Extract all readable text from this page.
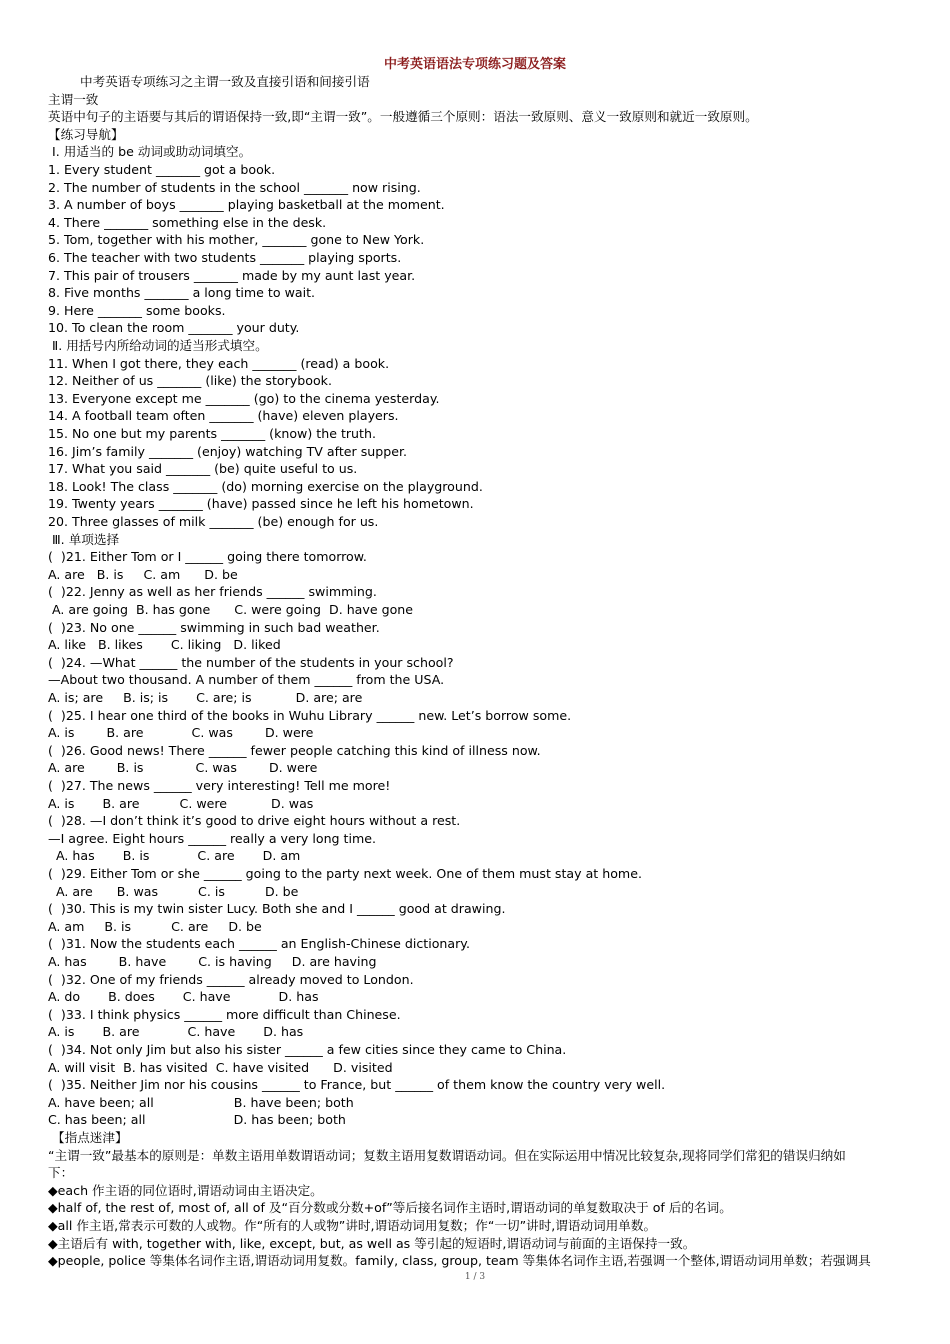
中考英语语法专项练习题及答案
中考英语专项练习之主谓一致及直接引语和间接引语
主谓一致
英语中句子的主语要与其后的谓语保持一致,即“主谓一致”。一般遵循三个原则：语法一致原则、意义一致原则和就近一致原则。
【练习导航】
Ⅰ. 用适当的 be 动词或助动词填空。
1. Every student _______ got a book.
2. The number of students in the school _______ now rising.
3. A number of boys _______ playing basketball at the moment.
4. There _______ something else in the desk.
5. Tom, together with his mother, _______ gone to New York.
6. The teacher with two students _______ playing sports.
7. This pair of trousers _______ made by my aunt last year.
8. Five months _______ a long time to wait.
9. Here _______ some books.
10. To clean the room _______ your duty.
Ⅱ. 用括号内所给动词的适当形式填空。
11. When I got there, they each _______ (read) a book.
12. Neither of us _______ (like) the storybook.
13. Everyone except me _______ (go) to the cinema yesterday.
14. A football team often _______ (have) eleven players.
15. No one but my parents _______ (know) the truth.
16. Jim’s family _______ (enjoy) watching TV after supper.
17. What you said _______ (be) quite useful to us.
18. Look! The class _______ (do) morning exercise on the playground.
19. Twenty years _______ (have) passed since he left his hometown.
20. Three glasses of milk _______ (be) enough for us.
Ⅲ. 单项选择
(  )21. Either Tom or I ______ going there tomorrow.
A. are   B. is     C. am      D. be
(  )22. Jenny as well as her friends ______ swimming.
A. are going  B. has gone      C. were going  D. have gone
(  )23. No one ______ swimming in such bad weather.
A. like   B. likes       C. liking   D. liked
(  )24. —What ______ the number of the students in your school?
—About two thousand. A number of them ______ from the USA.
A. is; are     B. is; is       C. are; is           D. are; are
(  )25. I hear one third of the books in Wuhu Library ______ new. Let’s borrow some.
A. is        B. are            C. was        D. were
(  )26. Good news! There ______ fewer people catching this kind of illness now.
A. are        B. is             C. was        D. were
(  )27. The news ______ very interesting! Tell me more!
A. is       B. are          C. were           D. was
(  )28. —I don’t think it’s good to drive eight hours without a rest.
—I agree. Eight hours ______ really a very long time.
A. has       B. is            C. are       D. am
(  )29. Either Tom or she ______ going to the party next week. One of them must stay at home.
A. are      B. was          C. is          D. be
(  )30. This is my twin sister Lucy. Both she and I ______ good at drawing.
A. am     B. is          C. are     D. be
(  )31. Now the students each ______ an English-Chinese dictionary.
A. has        B. have        C. is having     D. are having
(  )32. One of my friends ______ already moved to London.
A. do       B. does       C. have            D. has
(  )33. I think physics ______ more difficult than Chinese.
A. is       B. are            C. have       D. has
(  )34. Not only Jim but also his sister ______ a few cities since they came to China.
A. will visit  B. has visited  C. have visited      D. visited
(  )35. Neither Jim nor his cousins ______ to France, but ______ of them know the country very well.
A. have been; all                    B. have been; both
C. has been; all                      D. has been; both
【指点迷津】
“主谓一致”最基本的原则是：单数主语用单数谓语动词；复数主语用复数谓语动词。但在实际运用中情况比较复杂,现将同学们常犯的错误归纳如
下：
◆each 作主语的同位语时,谓语动词由主语决定。
◆half of, the rest of, most of, all of 及“百分数或分数+of”等后接名词作主语时,谓语动词的单复数取决于 of 后的名词。
◆all 作主语,常表示可数的人或物。作“所有的人或物”讲时,谓语动词用复数；作“一切”讲时,谓语动词用单数。
◆主语后有 with, together with, like, except, but, as well as 等引起的短语时,谓语动词与前面的主语保持一致。
◆people, police 等集体名词作主语,谓语动词用复数。family, class, group, team 等集体名词作主语,若强调一个整体,谓语动词用单数；若强调具
1 / 3
